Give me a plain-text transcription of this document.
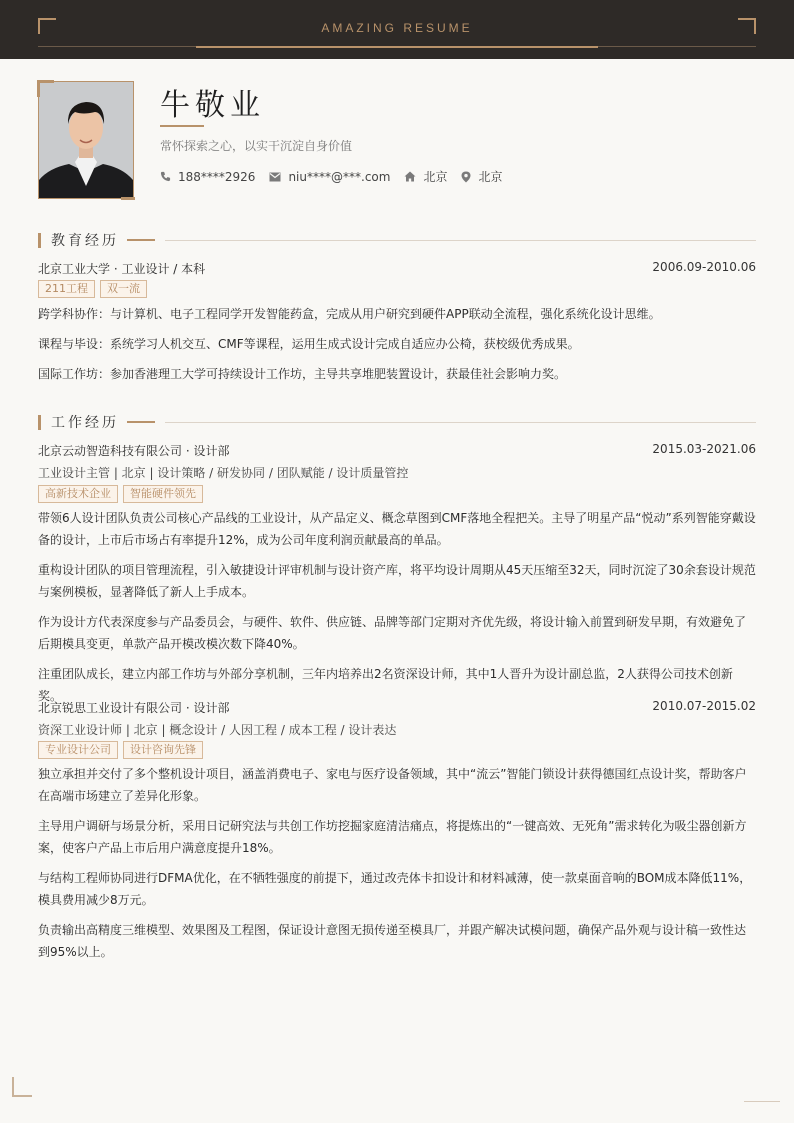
AMAZING RESUME
牛敬业
常怀探索之心，以实干沉淀自身价值
188****2926	niu****@***.com	北京	北京
教育经历
北京工业大学 · 工业设计 / 本科	2006.09-2010.06
211工程	双一流
跨学科协作：与计算机、电子工程同学开发智能药盒，完成从用户研究到硬件APP联动全流程，强化系统化设计思维。
课程与毕设：系统学习人机交互、CMF等课程，运用生成式设计完成自适应办公椅，获校级优秀成果。
国际工作坊：参加香港理工大学可持续设计工作坊，主导共享堆肥装置设计，获最佳社会影响力奖。
工作经历
北京云动智造科技有限公司 · 设计部	2015.03-2021.06
工业设计主管 | 北京 | 设计策略 / 研发协同 / 团队赋能 / 设计质量管控
高新技术企业	智能硬件领先
带领6人设计团队负责公司核心产品线的工业设计，从产品定义、概念草图到CMF落地全程把关。主导了明星产品“悦动”系列智能穿戴设备的设计，上市后市场占有率提升12%，成为公司年度利润贡献最高的单品。
重构设计团队的项目管理流程，引入敏捷设计评审机制与设计资产库，将平均设计周期从45天压缩至32天，同时沉淀了30余套设计规范与案例模板，显著降低了新人上手成本。
作为设计方代表深度参与产品委员会，与硬件、软件、供应链、品牌等部门定期对齐优先级，将设计输入前置到研发早期，有效避免了后期模具变更，单款产品开模改模次数下降40%。
注重团队成长，建立内部工作坊与外部分享机制，三年内培养出2名资深设计师，其中1人晋升为设计副总监，2人获得公司技术创新奖。
北京锐思工业设计有限公司 · 设计部	2010.07-2015.02
资深工业设计师 | 北京 | 概念设计 / 人因工程 / 成本工程 / 设计表达
专业设计公司	设计咨询先锋
独立承担并交付了多个整机设计项目，涵盖消费电子、家电与医疗设备领域，其中“流云”智能门锁设计获得德国红点设计奖，帮助客户在高端市场建立了差异化形象。
主导用户调研与场景分析，采用日记研究法与共创工作坊挖掘家庭清洁痛点，将提炼出的“一键高效、无死角”需求转化为吸尘器创新方案，使客户产品上市后用户满意度提升18%。
与结构工程师协同进行DFMA优化，在不牺牲强度的前提下，通过改壳体卡扣设计和材料减薄，使一款桌面音响的BOM成本降低11%，模具费用减少8万元。
负责输出高精度三维模型、效果图及工程图，保证设计意图无损传递至模具厂，并跟产解决试模问题，确保产品外观与设计稿一致性达到95%以上。
